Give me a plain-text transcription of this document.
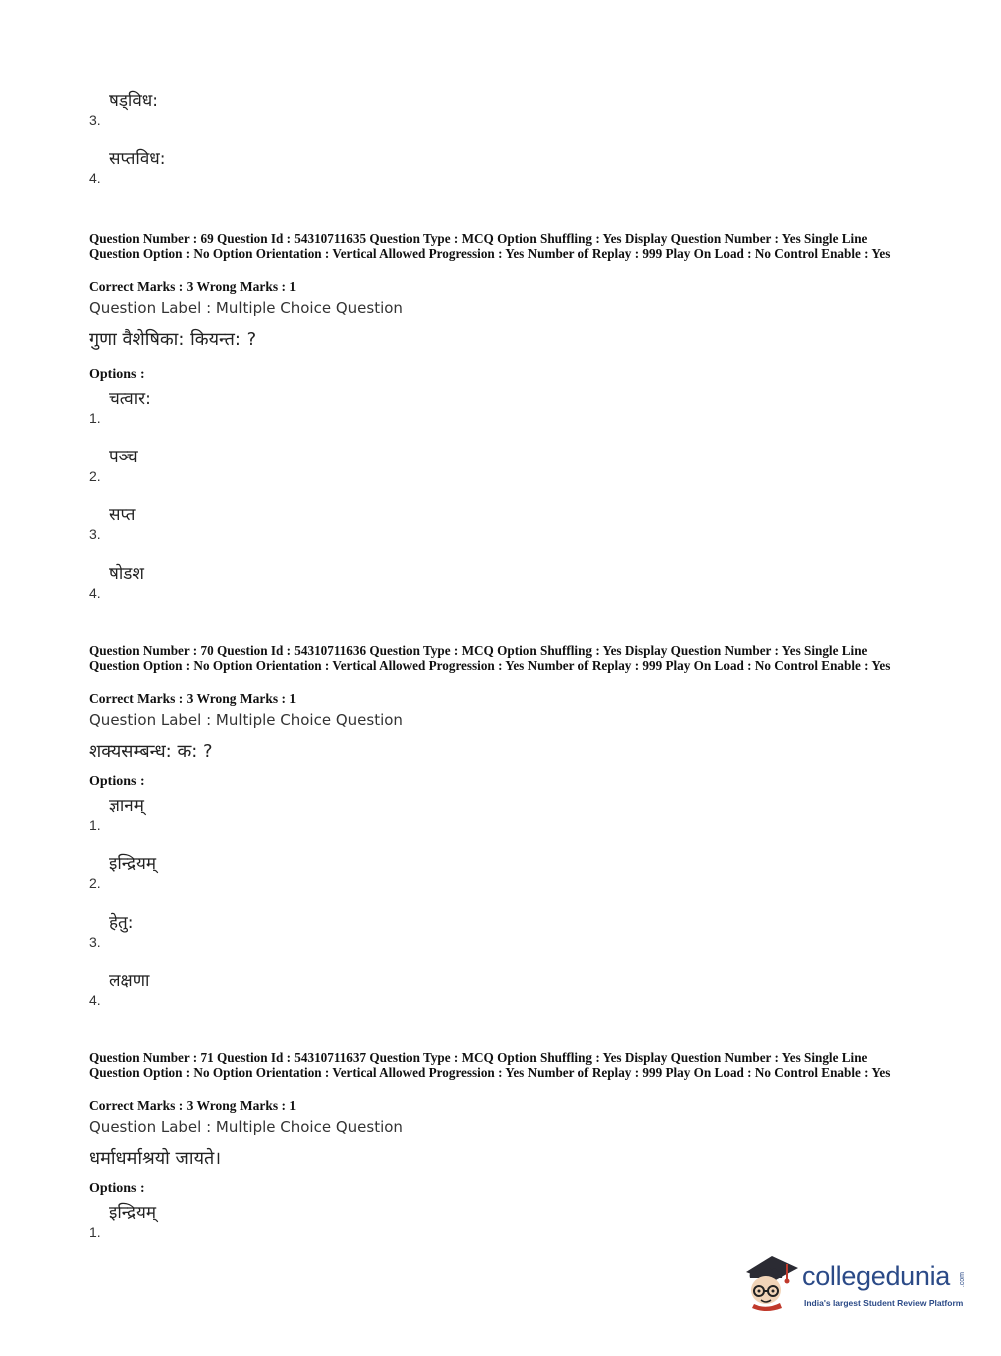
3.
षड्‌विध:
4.
सप्तविध:
Question Number : 69 Question Id : 54310711635 Question Type : MCQ Option Shuffling : Yes Display Question Number : Yes Single Line Question Option : No Option Orientation : Vertical Allowed Progression : Yes Number of Replay : 999 Play On Load : No Control Enable : Yes
Correct Marks : 3 Wrong Marks : 1
Question Label : Multiple Choice Question
गुणा वैशेषिका: कियन्त: ?
Options :
1.
चत्वार:
2.
पञ्च
3.
सप्त
4.
षोडश
Question Number : 70 Question Id : 54310711636 Question Type : MCQ Option Shuffling : Yes Display Question Number : Yes Single Line Question Option : No Option Orientation : Vertical Allowed Progression : Yes Number of Replay : 999 Play On Load : No Control Enable : Yes
Correct Marks : 3 Wrong Marks : 1
Question Label : Multiple Choice Question
शक्यसम्बन्ध: क: ?
Options :
1.
ज्ञानम्
2.
इन्द्रियम्
3.
हेतु:
4.
लक्षणा
Question Number : 71 Question Id : 54310711637 Question Type : MCQ Option Shuffling : Yes Display Question Number : Yes Single Line Question Option : No Option Orientation : Vertical Allowed Progression : Yes Number of Replay : 999 Play On Load : No Control Enable : Yes
Correct Marks : 3 Wrong Marks : 1
Question Label : Multiple Choice Question
धर्माधर्माश्रयो जायते।
Options :
1.
इन्द्रियम्
collegedunia .com
India's largest Student Review Platform
